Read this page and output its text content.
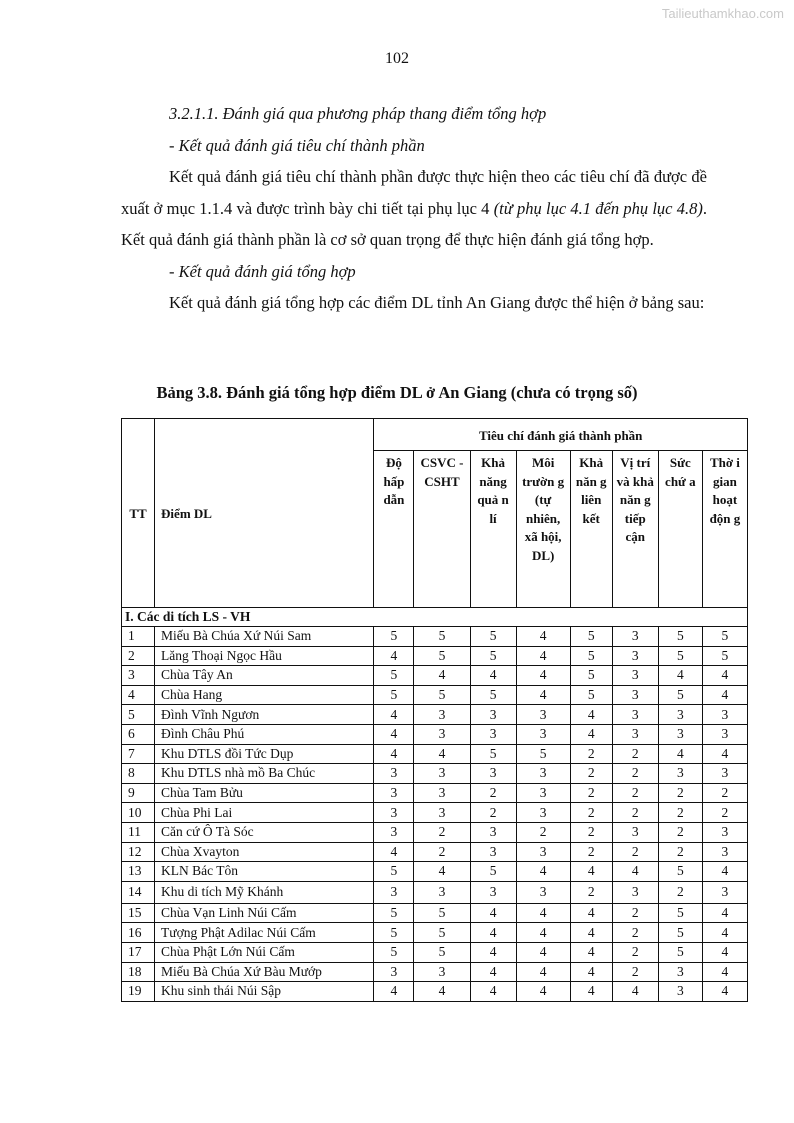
Tailieuthamkhao.com
102

3.2.1.1. Đánh giá qua phương pháp thang điểm tổng hợp

- Kết quả đánh giá tiêu chí thành phần

Kết quả đánh giá tiêu chí thành phần được thực hiện theo các tiêu chí đã được đề xuất ở mục 1.1.4 và được trình bày chi tiết tại phụ lục 4 (từ phụ lục 4.1 đến phụ lục 4.8). Kết quả đánh giá thành phần là cơ sở quan trọng để thực hiện đánh giá tổng hợp.

- Kết quả đánh giá tổng hợp

Kết quả đánh giá tổng hợp các điểm DL tỉnh An Giang được thể hiện ở bảng sau:

Bảng 3.8. Đánh giá tổng hợp điểm DL ở An Giang (chưa có trọng số)
TT	Điểm DL	Tiêu chí đánh giá thành phần							
		Độ hấp dẫn	CSVC - CSHT	Khả năng quả n lí	Môi trườn g (tự nhiên, xã hội, DL)	Khả năn g liên kết	Vị trí và khả năn g tiếp cận	Sức chứ a	Thờ i gian hoạt độn g
I. Các di tích LS - VH									
1	Miếu Bà Chúa Xứ Núi Sam	5	5	5	4	5	3	5	5
2	Lăng Thoại Ngọc Hầu	4	5	5	4	5	3	5	5
3	Chùa Tây An	5	4	4	4	5	3	4	4
4	Chùa Hang	5	5	5	4	5	3	5	4
5	Đình Vĩnh Ngươn	4	3	3	3	4	3	3	3
6	Đình Châu Phú	4	3	3	3	4	3	3	3
7	Khu DTLS đồi Tức Dụp	4	4	5	5	2	2	4	4
8	Khu DTLS nhà mồ Ba Chúc	3	3	3	3	2	2	3	3
9	Chùa Tam Bửu	3	3	2	3	2	2	2	2
10	Chùa Phi Lai	3	3	2	3	2	2	2	2
11	Căn cứ Ô Tà Sóc	3	2	3	2	2	3	2	3
12	Chùa Xvayton	4	2	3	3	2	2	2	3
13	KLN Bác Tôn	5	4	5	4	4	4	5	4
14	Khu di tích Mỹ Khánh	3	3	3	3	2	3	2	3
15	Chùa Vạn Linh Núi Cấm	5	5	4	4	4	2	5	4
16	Tượng Phật Adilac Núi Cấm	5	5	4	4	4	2	5	4
17	Chùa Phật Lớn Núi Cấm	5	5	4	4	4	2	5	4
18	Miếu Bà Chúa Xứ Bàu Mướp	3	3	4	4	4	2	3	4
19	Khu sinh thái Núi Sập	4	4	4	4	4	4	3	4
